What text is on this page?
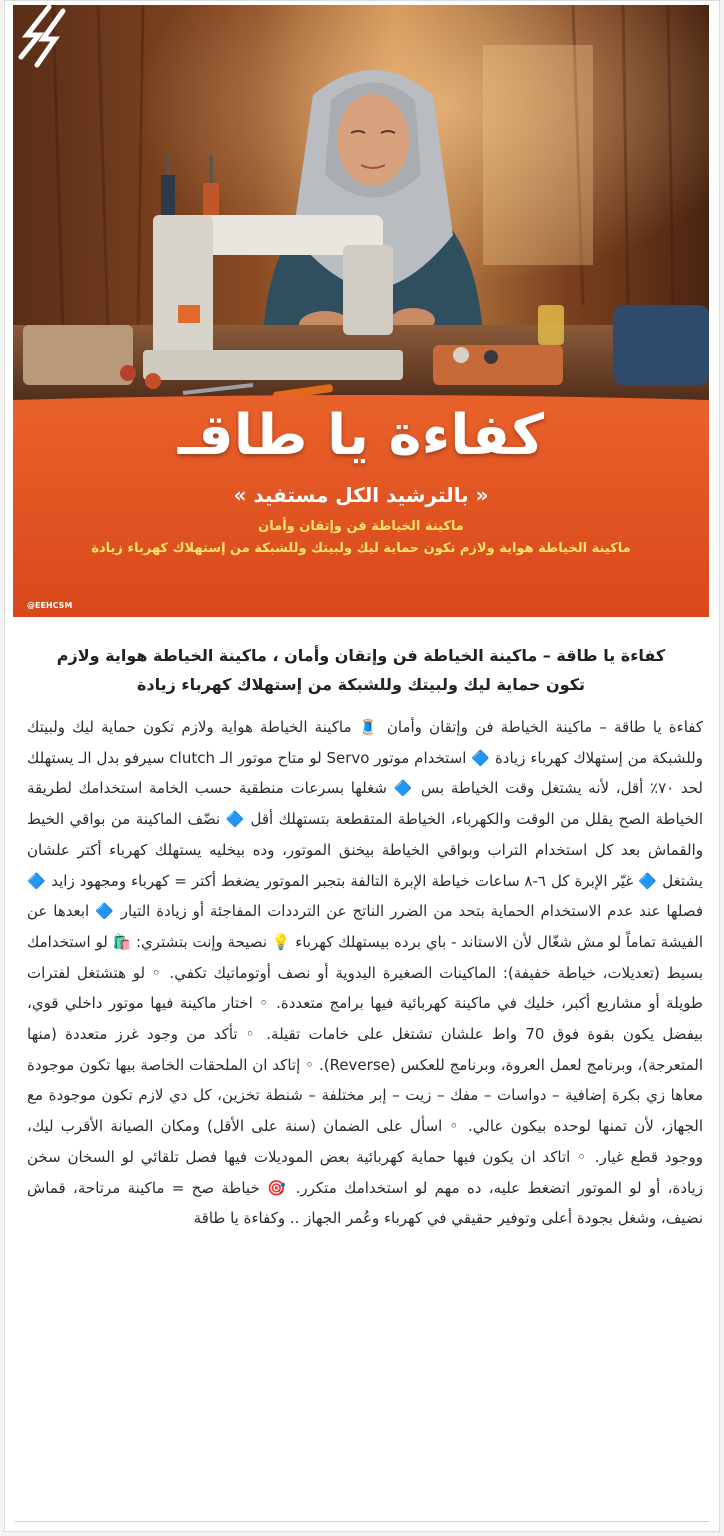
كفاءة يا طاقـ
« بالترشيد الكل مستفيد »
ماكينة الخياطة فن وإتقان وأمان
ماكينة الخياطة هواية ولازم تكون حماية ليك ولبيتك وللشبكة من إستهلاك كهرباء زيادة
@EEHCSM
كفاءة يا طاقة – ماكينة الخياطة فن وإتقان وأمان ، ماكينة الخياطة هواية ولازم تكون حماية ليك ولبيتك وللشبكة من إستهلاك كهرباء زيادة
كفاءة يا طاقة – ماكينة الخياطة فن وإتقان وأمان 🧵 ماكينة الخياطة هواية ولازم تكون حماية ليك ولبيتك وللشبكة من إستهلاك كهرباء زيادة 🔷 استخدام موتور Servo لو متاح موتور الـ clutch سيرفو بدل الـ يستهلك لحد ٧٠٪ أقل، لأنه يشتغل وقت الخياطة بس 🔷 شغلها بسرعات منطقية حسب الخامة استخدامك لطريقة الخياطة الصح يقلل من الوقت والكهرباء، الخياطة المتقطعة بتستهلك أقل 🔷 نضّف الماكينة من بواقي الخيط والقماش بعد كل استخدام التراب وبواقي الخياطة بيخنق الموتور، وده بيخليه يستهلك كهرباء أكتر علشان يشتغل 🔷 غيّر الإبرة كل ٦-٨ ساعات خياطة الإبرة التالفة بتجبر الموتور يضغط أكتر = كهرباء ومجهود زايد 🔷 فصلها عند عدم الاستخدام الحماية بتحد من الضرر الناتج عن الترددات المفاجئة أو زيادة التيار 🔷 ابعدها عن الفيشة تماماً لو مش شغّال لأن الاستاند - باي برده بيستهلك كهرباء 💡 نصيحة وإنت بتشتري: 🛍️ لو استخدامك بسيط (تعديلات، خياطة خفيفة): الماكينات الصغيرة اليدوية أو نصف أوتوماتيك تكفي. ◦ لو هتشتغل لفترات طويلة أو مشاريع أكبر، خليك في ماكينة كهربائية فيها برامج متعددة. ◦ اختار ماكينة فيها موتور داخلي قوي، بيفضل يكون بقوة فوق 70 واط علشان تشتغل على خامات تقيلة. ◦ تأكد من وجود غرز متعددة (منها المتعرجة)، وبرنامج لعمل العروة، وبرنامج للعكس (Reverse). ◦ إتاكد ان الملحقات الخاصة بيها تكون موجودة معاها زي بكرة إضافية – دواسات – مفك – زيت – إبر مختلفة – شنطة تخزين، كل دي لازم تكون موجودة مع الجهاز، لأن تمنها لوحده بيكون عالي. ◦ اسأل على الضمان (سنة على الأقل) ومكان الصيانة الأقرب ليك، ووجود قطع غيار. ◦ اتاكد ان يكون فيها حماية كهربائية بعض الموديلات فيها فصل تلقائي لو السخان سخن زيادة، أو لو الموتور اتضغط عليه، ده مهم لو استخدامك متكرر. 🎯 خياطة صح = ماكينة مرتاحة، قماش نضيف، وشغل بجودة أعلى وتوفير حقيقي في كهرباء وعُمر الجهاز .. وكفاءة يا طاقة
